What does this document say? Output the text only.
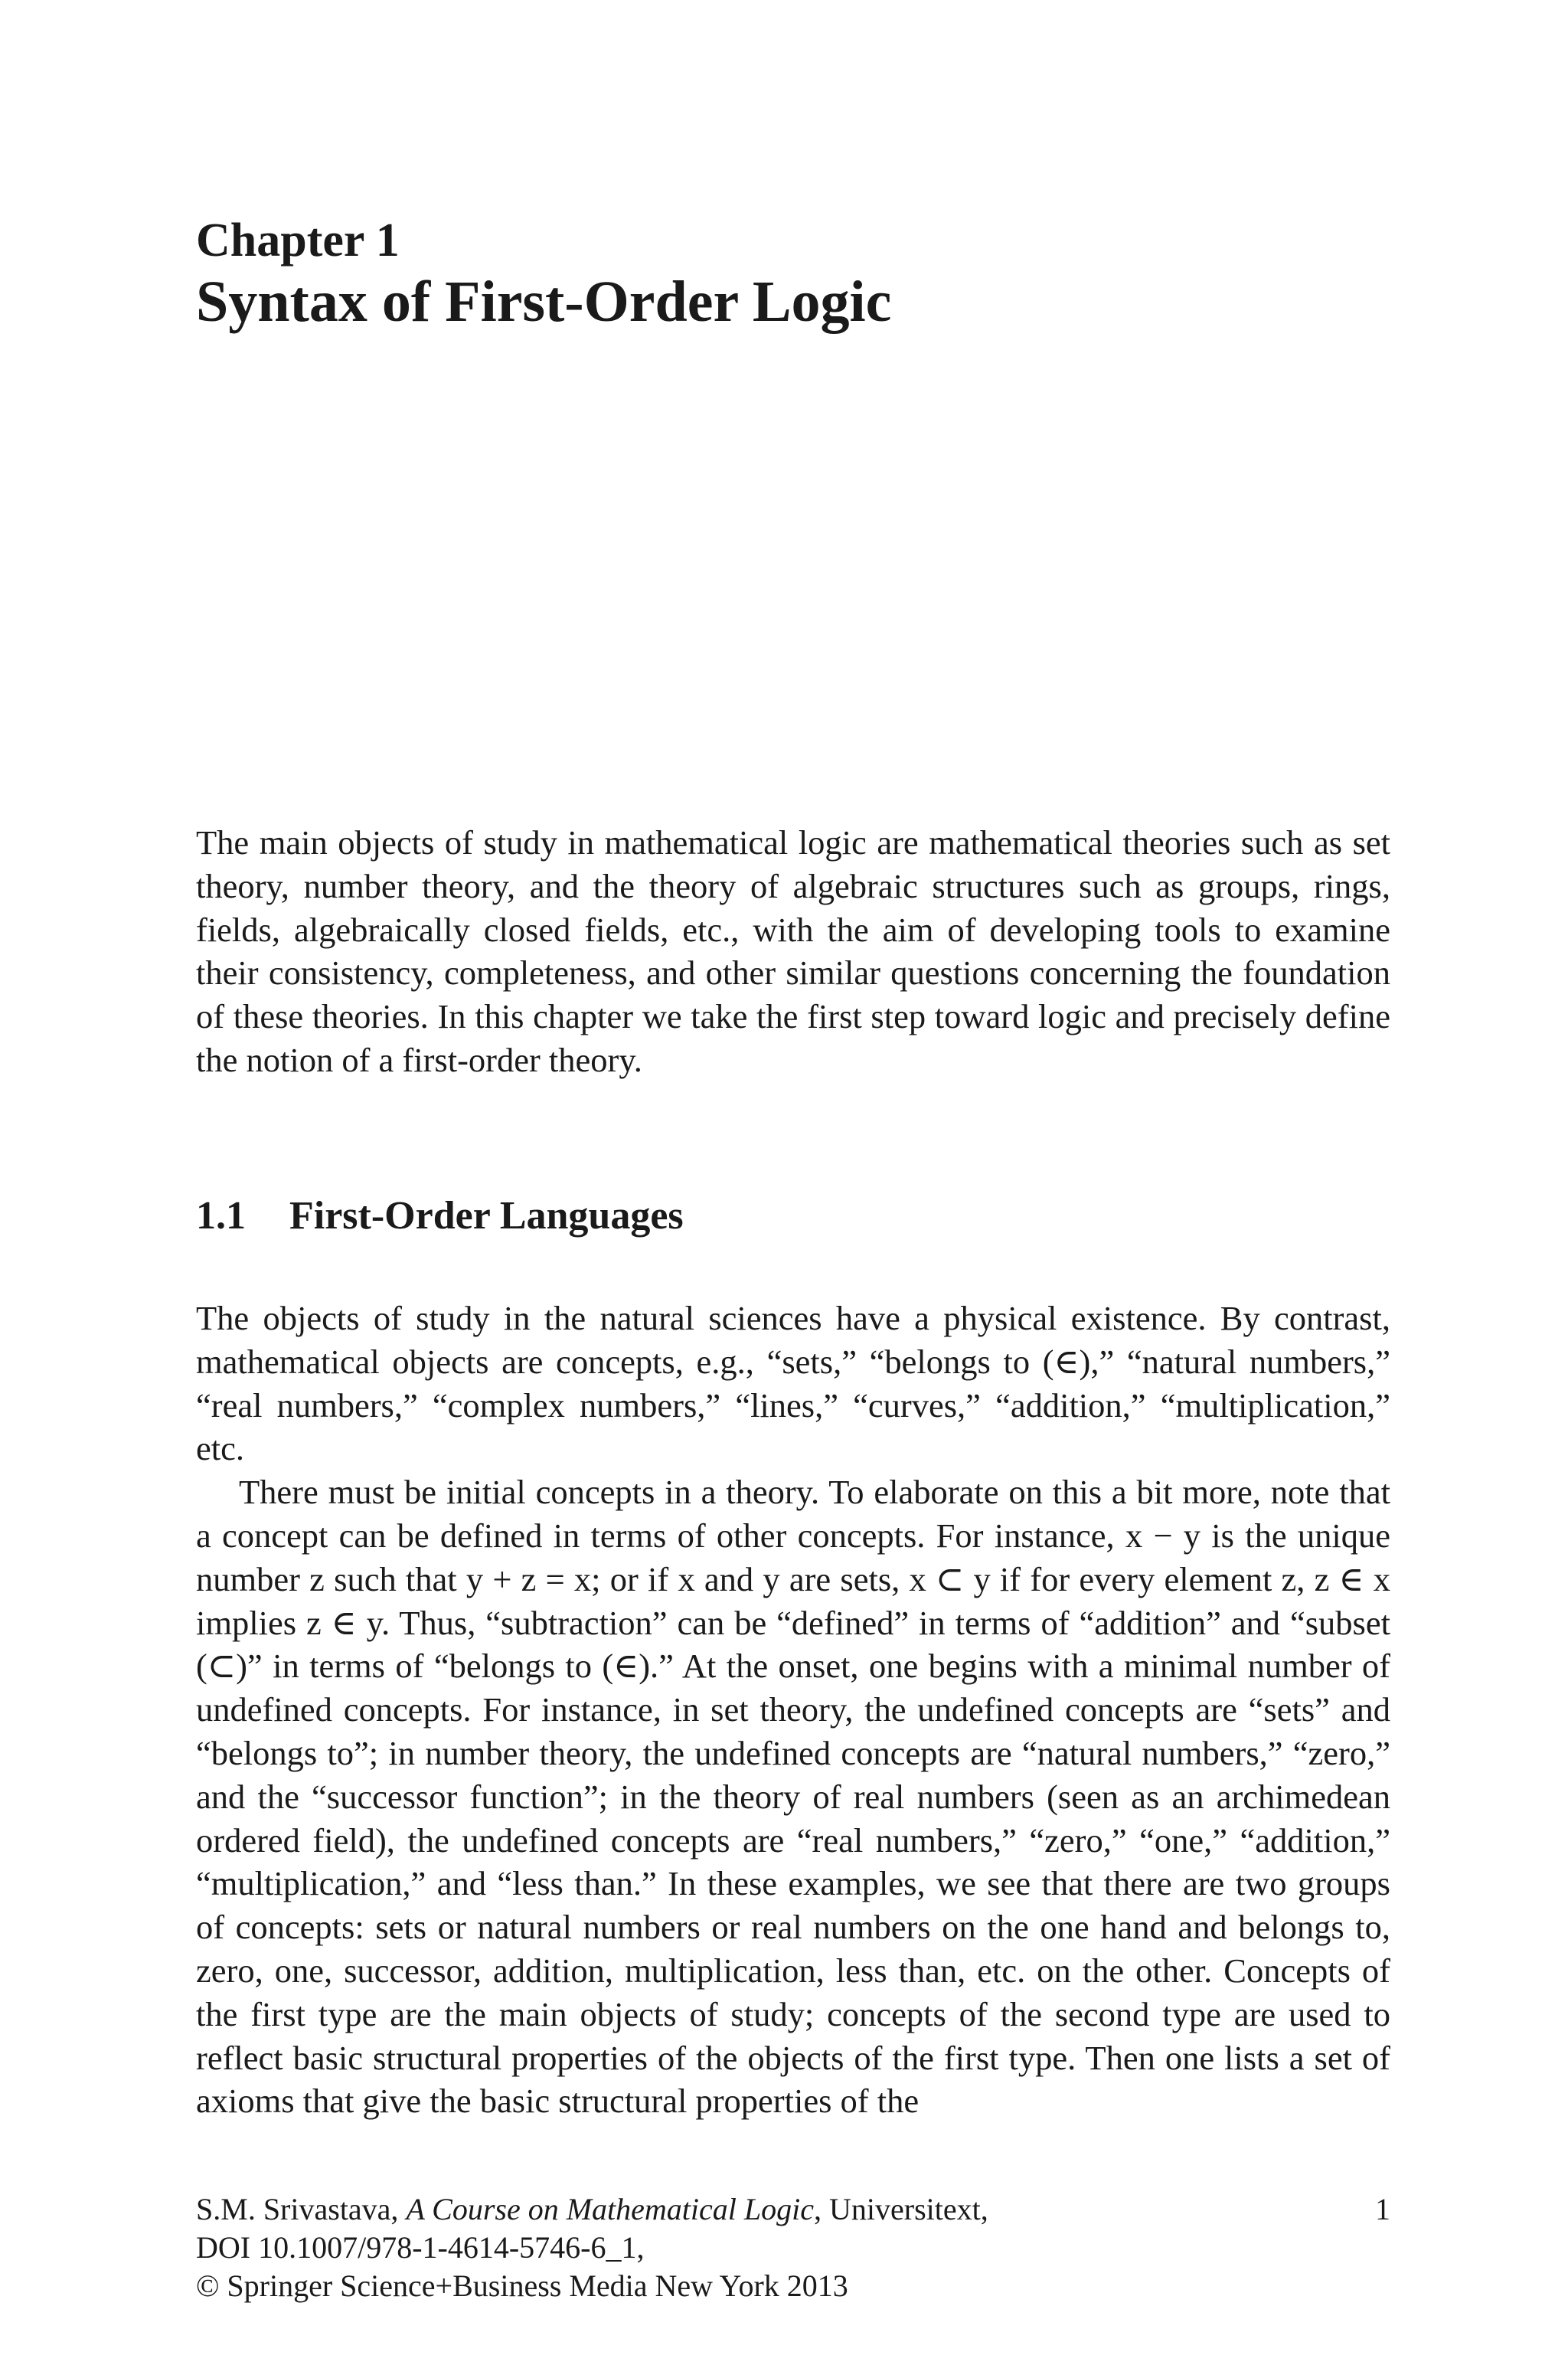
Chapter 1
Syntax of First-Order Logic

The main objects of study in mathematical logic are mathematical theories such as set theory, number theory, and the theory of algebraic structures such as groups, rings, fields, algebraically closed fields, etc., with the aim of developing tools to examine their consistency, completeness, and other similar questions concerning the foundation of these theories. In this chapter we take the first step toward logic and precisely define the notion of a first-order theory.

1.1 First-Order Languages

The objects of study in the natural sciences have a physical existence. By contrast, mathematical objects are concepts, e.g., “sets,” “belongs to (∈),” “natural numbers,” “real numbers,” “complex numbers,” “lines,” “curves,” “addition,” “multiplication,” etc.

There must be initial concepts in a theory. To elaborate on this a bit more, note that a concept can be defined in terms of other concepts. For instance, x − y is the unique number z such that y + z = x; or if x and y are sets, x ⊂ y if for every element z, z ∈ x implies z ∈ y. Thus, “subtraction” can be “defined” in terms of “addition” and “subset (⊂)” in terms of “belongs to (∈).” At the onset, one begins with a minimal number of undefined concepts. For instance, in set theory, the undefined concepts are “sets” and “belongs to”; in number theory, the undefined concepts are “natural numbers,” “zero,” and the “successor function”; in the theory of real numbers (seen as an archimedean ordered field), the undefined concepts are “real numbers,” “zero,” “one,” “addition,” “multiplication,” and “less than.” In these examples, we see that there are two groups of concepts: sets or natural numbers or real numbers on the one hand and belongs to, zero, one, successor, addition, multiplication, less than, etc. on the other. Concepts of the first type are the main objects of study; concepts of the second type are used to reflect basic structural properties of the objects of the first type. Then one lists a set of axioms that give the basic structural properties of the

S.M. Srivastava, A Course on Mathematical Logic, Universitext,
DOI 10.1007/978-1-4614-5746-6_1,
© Springer Science+Business Media New York 2013
1
